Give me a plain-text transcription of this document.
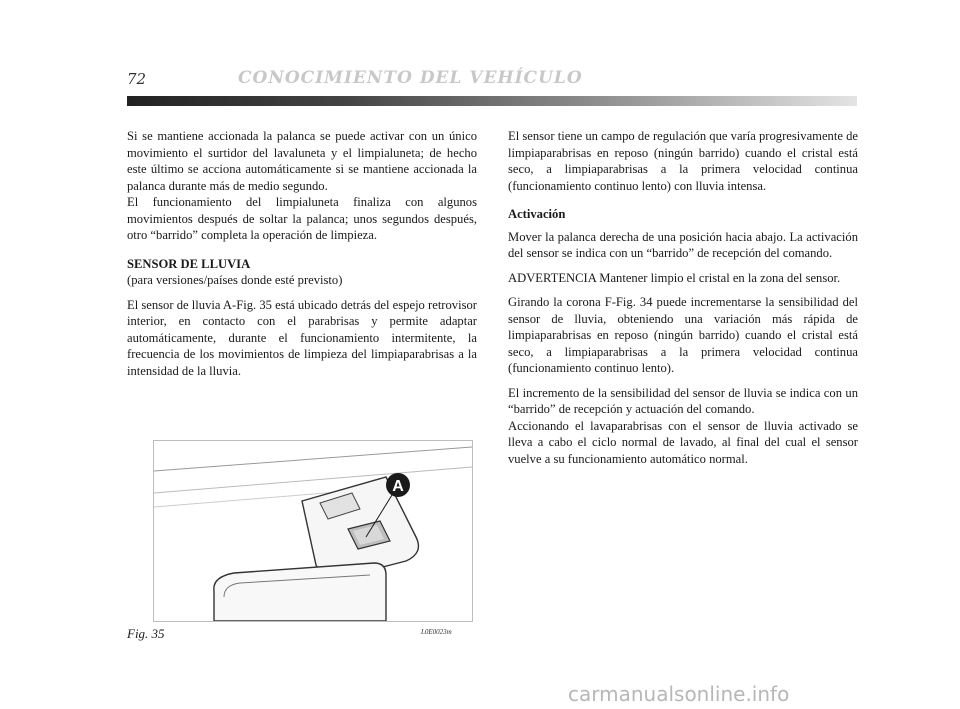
72	CONOCIMIENTO DEL VEHÍCULO

Si se mantiene accionada la palanca se puede activar con un único movimiento el surtidor del lavaluneta y el limpialuneta; de hecho este último se acciona automáticamente si se mantiene accionada la palanca durante más de medio segundo.

El funcionamiento del limpialuneta finaliza con algunos movimientos después de soltar la palanca; unos segundos después, otro “barrido” completa la operación de limpieza.

SENSOR DE LLUVIA

(para versiones/países donde esté previsto)

El sensor de lluvia A-Fig. 35 está ubicado detrás del espejo retrovisor interior, en contacto con el parabrisas y permite adaptar automáticamente, durante el funcionamiento intermitente, la frecuencia de los movimientos de limpieza del limpiaparabrisas a la intensidad de la lluvia.

El sensor tiene un campo de regulación que varía progresivamente de limpiaparabrisas en reposo (ningún barrido) cuando el cristal está seco, a limpiaparabrisas a la primera velocidad continua (funcionamiento continuo lento) con lluvia intensa.

Activación

Mover la palanca derecha de una posición hacia abajo. La activación del sensor se indica con un “barrido” de recepción del comando.

ADVERTENCIA Mantener limpio el cristal en la zona del sensor.

Girando la corona F-Fig. 34 puede incrementarse la sensibilidad del sensor de lluvia, obteniendo una variación más rápida de limpiaparabrisas en reposo (ningún barrido) cuando el cristal está seco, a limpiaparabrisas a la primera velocidad continua (funcionamiento continuo lento).

El incremento de la sensibilidad del sensor de lluvia se indica con un “barrido” de recepción y actuación del comando.

Accionando el lavaparabrisas con el sensor de lluvia activado se lleva a cabo el ciclo normal de lavado, al final del cual el sensor vuelve a su funcionamiento automático normal.

A
Fig. 35	L0E0023m
carmanualsonline.info
